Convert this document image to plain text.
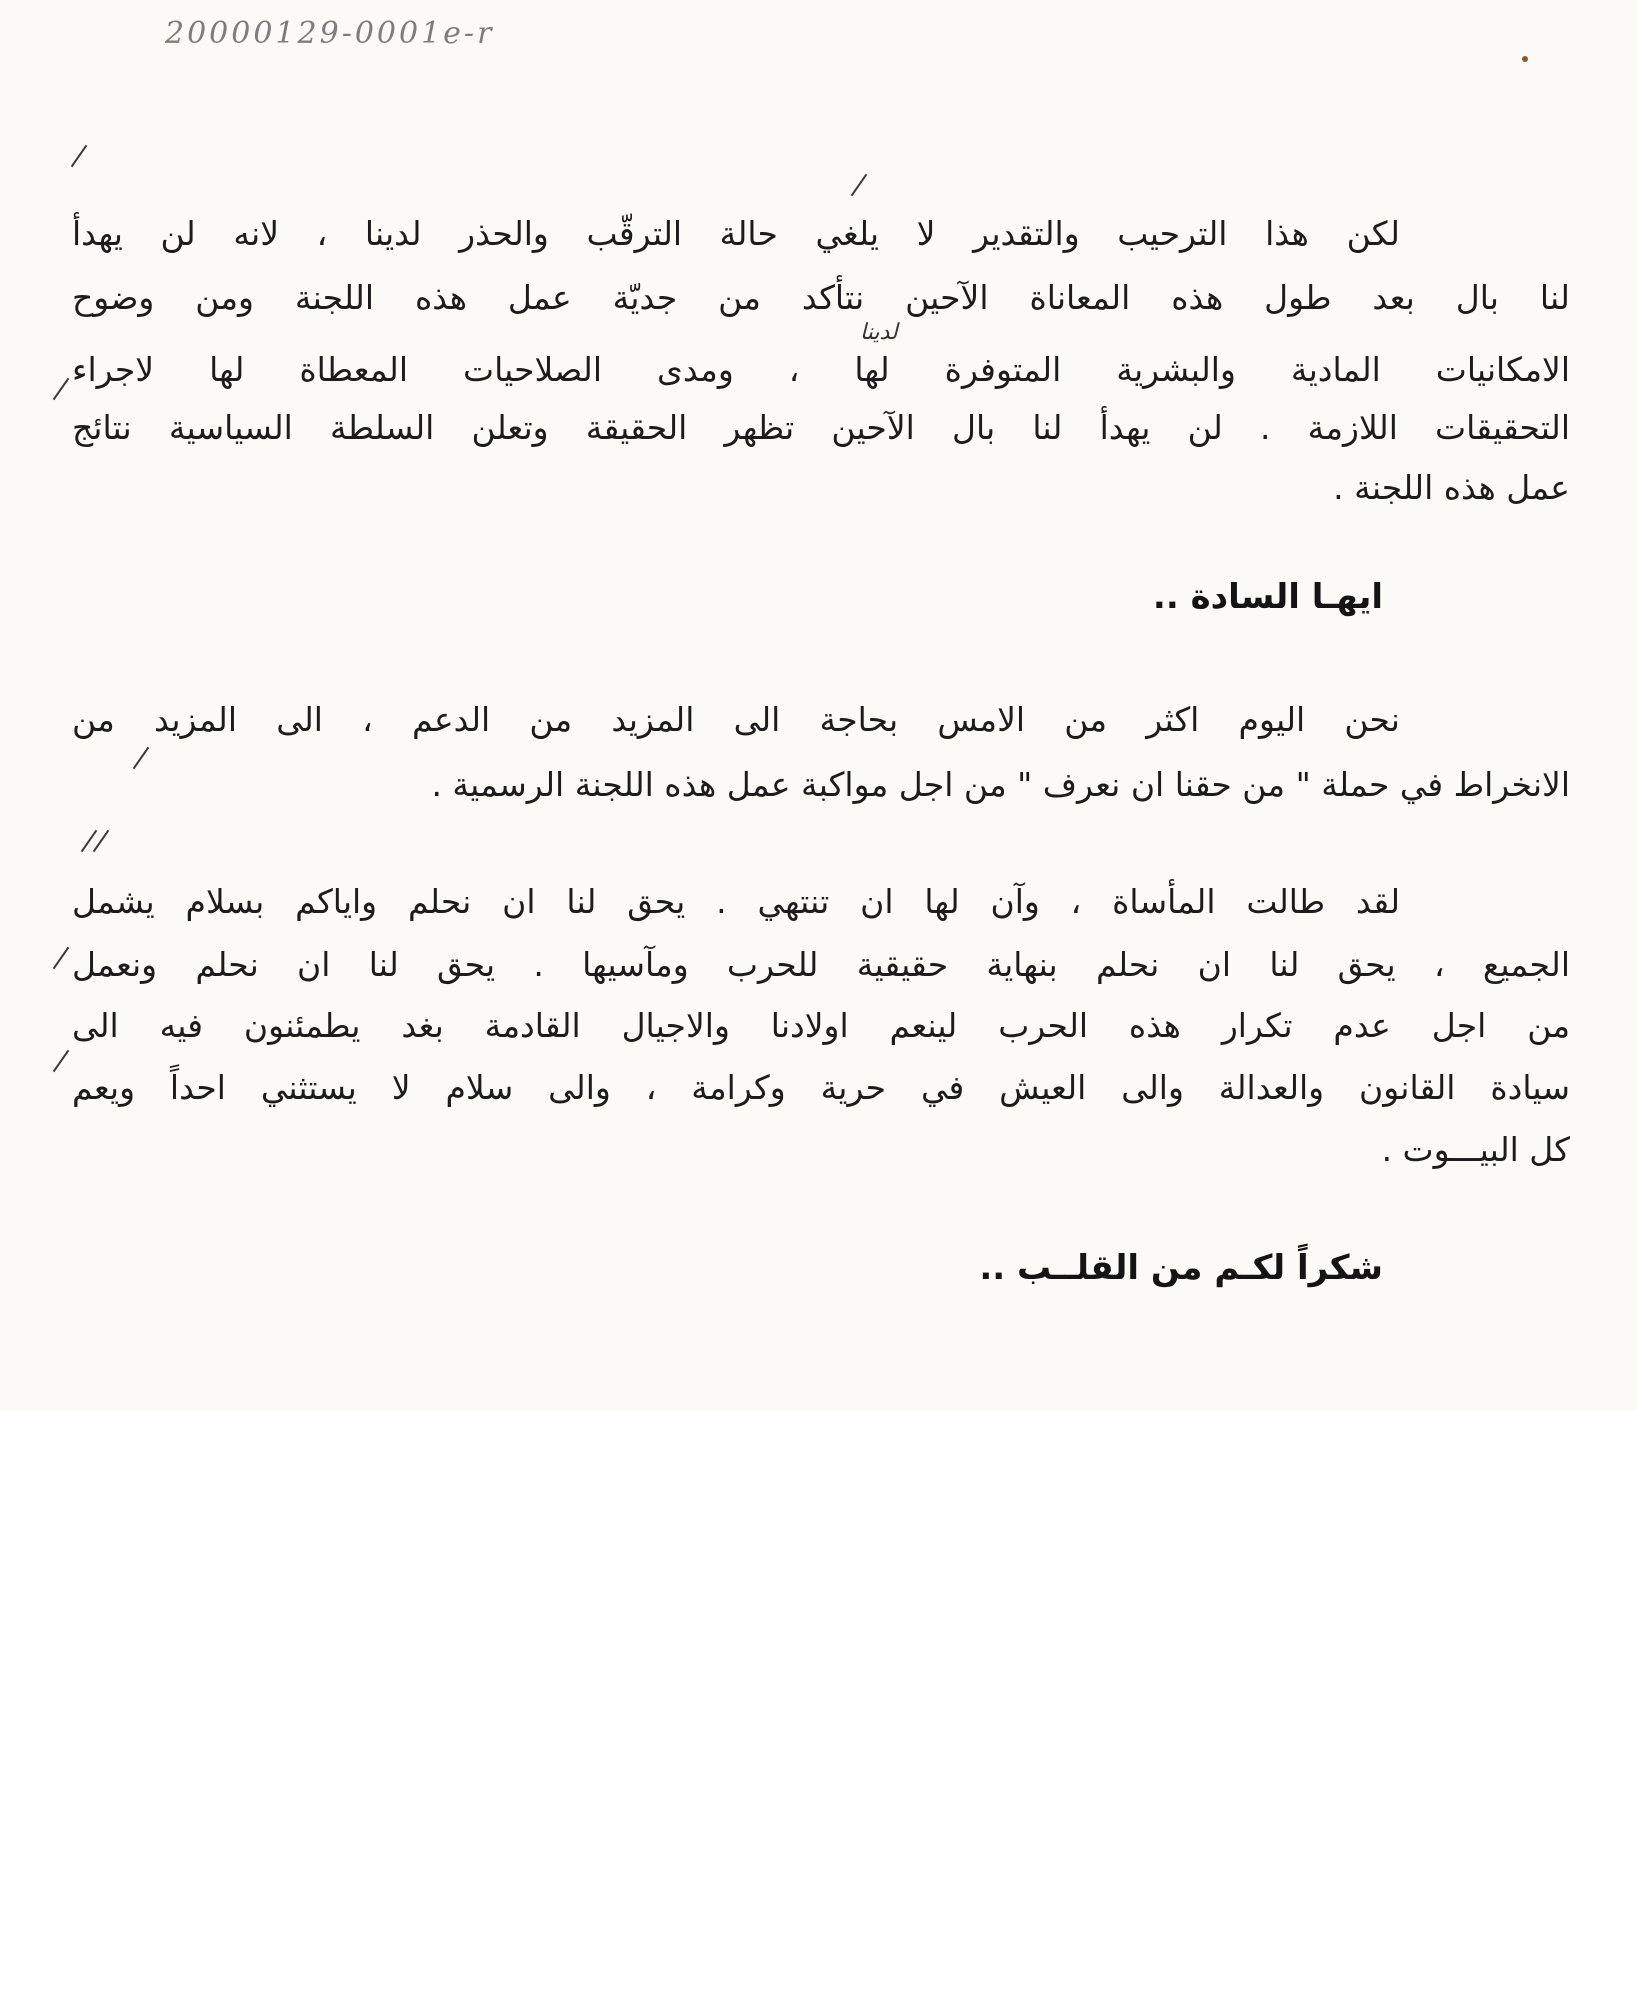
20000129-0001e-r
لكن هذا الترحيب والتقدير لا يلغي حالة الترقّب والحذر لدينا ، لانه لن يهدأ
لنا بال بعد طول هذه المعاناة الآحين نتأكد من جديّة عمل هذه اللجنة ومن وضوح
الامكانيات المادية والبشرية المتوفرة لها ، ومدى الصلاحيات المعطاة لها لاجراء
التحقيقات اللازمة . لن يهدأ لنا بال الآحين تظهر الحقيقة وتعلن السلطة السياسية نتائج
عمل هذه اللجنة .
لدينا
ايهـا السادة ..
نحن اليوم اكثر من الامس بحاجة الى المزيد من الدعم ، الى المزيد من
الانخراط في حملة " من حقنا ان نعرف " من اجل مواكبة عمل هذه اللجنة الرسمية .
لقد طالت المأساة ، وآن لها ان تنتهي . يحق لنا ان نحلم واياكم بسلام يشمل
الجميع ، يحق لنا ان نحلم بنهاية حقيقية للحرب ومآسيها . يحق لنا ان نحلم ونعمل
من اجل عدم تكرار هذه الحرب لينعم اولادنا والاجيال القادمة بغد يطمئنون فيه الى
سيادة القانون والعدالة والى العيش في حرية وكرامة ، والى سلام لا يستثني احداً ويعم
كل البيـــوت .
شكراً لكـم من القلــب ..
